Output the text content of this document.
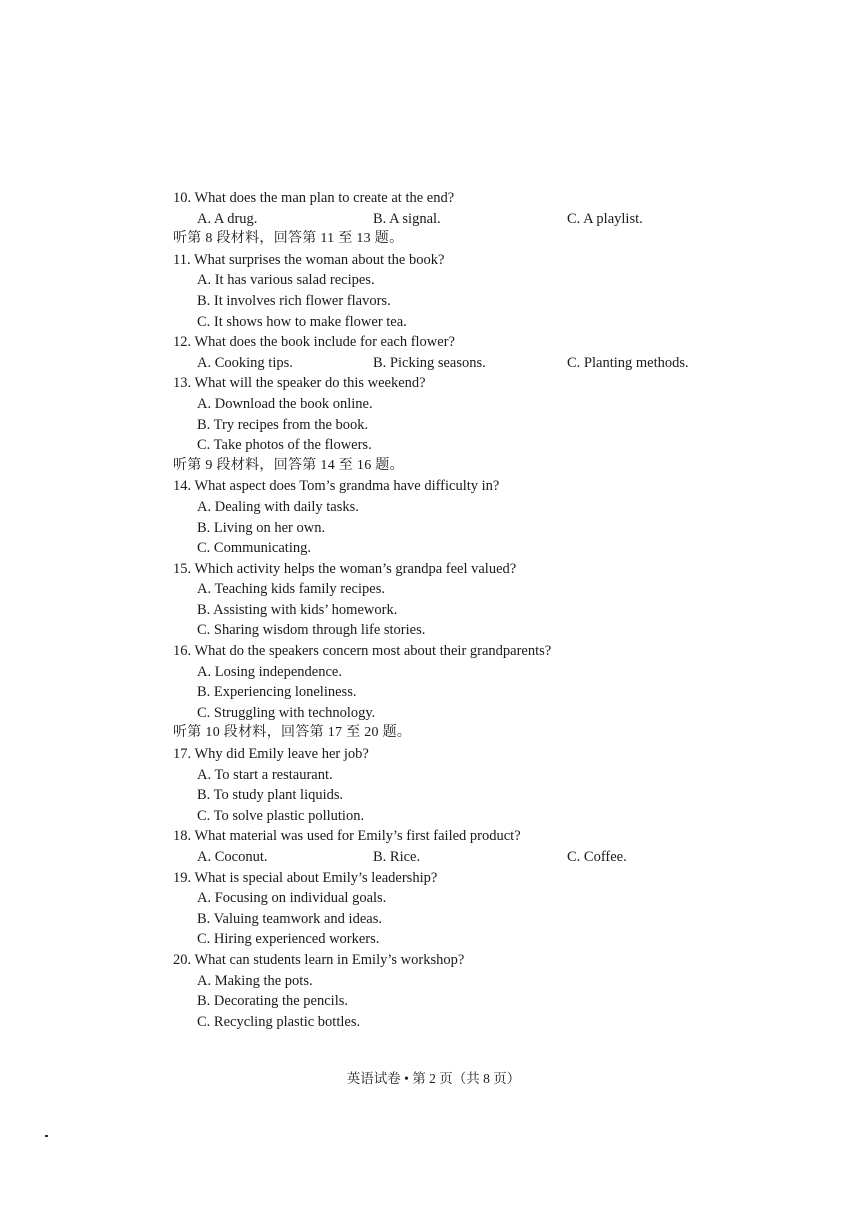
10. What does the man plan to create at the end?
A. A drug.	B. A signal.	C. A playlist.
听第 8 段材料，回答第 11 至 13 题。
11. What surprises the woman about the book?
A. It has various salad recipes.
B. It involves rich flower flavors.
C. It shows how to make flower tea.
12. What does the book include for each flower?
A. Cooking tips.	B. Picking seasons.	C. Planting methods.
13. What will the speaker do this weekend?
A. Download the book online.
B. Try recipes from the book.
C. Take photos of the flowers.
听第 9 段材料，回答第 14 至 16 题。
14. What aspect does Tom’s grandma have difficulty in?
A. Dealing with daily tasks.
B. Living on her own.
C. Communicating.
15. Which activity helps the woman’s grandpa feel valued?
A. Teaching kids family recipes.
B. Assisting with kids’ homework.
C. Sharing wisdom through life stories.
16. What do the speakers concern most about their grandparents?
A. Losing independence.
B. Experiencing loneliness.
C. Struggling with technology.
听第 10 段材料，回答第 17 至 20 题。
17. Why did Emily leave her job?
A. To start a restaurant.
B. To study plant liquids.
C. To solve plastic pollution.
18. What material was used for Emily’s first failed product?
A. Coconut.	B. Rice.	C. Coffee.
19. What is special about Emily’s leadership?
A. Focusing on individual goals.
B. Valuing teamwork and ideas.
C. Hiring experienced workers.
20. What can students learn in Emily’s workshop?
A. Making the pots.
B. Decorating the pencils.
C. Recycling plastic bottles.
英语试卷 • 第 2 页（共 8 页）
